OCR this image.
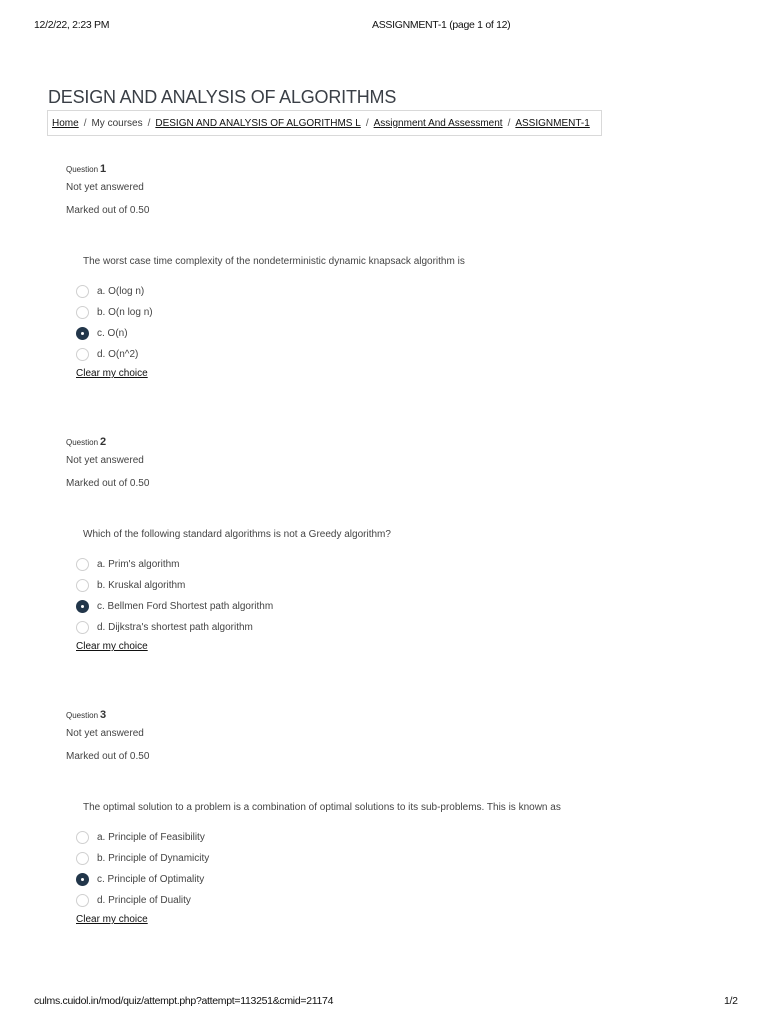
12/2/22, 2:23 PM	ASSIGNMENT-1 (page 1 of 12)
DESIGN AND ANALYSIS OF ALGORITHMS
Home / My courses / DESIGN AND ANALYSIS OF ALGORITHMS L / Assignment And Assessment / ASSIGNMENT-1
Question 1
Not yet answered
Marked out of 0.50
The worst case time complexity of the nondeterministic dynamic knapsack algorithm is
a. O(log n)
b. O(n log n)
c. O(n)
d. O(n^2)
Clear my choice
Question 2
Not yet answered
Marked out of 0.50
Which of the following standard algorithms is not a Greedy algorithm?
a. Prim's algorithm
b. Kruskal algorithm
c. Bellmen Ford Shortest path algorithm
d. Dijkstra's shortest path algorithm
Clear my choice
Question 3
Not yet answered
Marked out of 0.50
The optimal solution to a problem is a combination of optimal solutions to its sub-problems. This is known as
a. Principle of Feasibility
b. Principle of Dynamicity
c. Principle of Optimality
d. Principle of Duality
Clear my choice
culms.cuidol.in/mod/quiz/attempt.php?attempt=113251&cmid=21174	1/2
